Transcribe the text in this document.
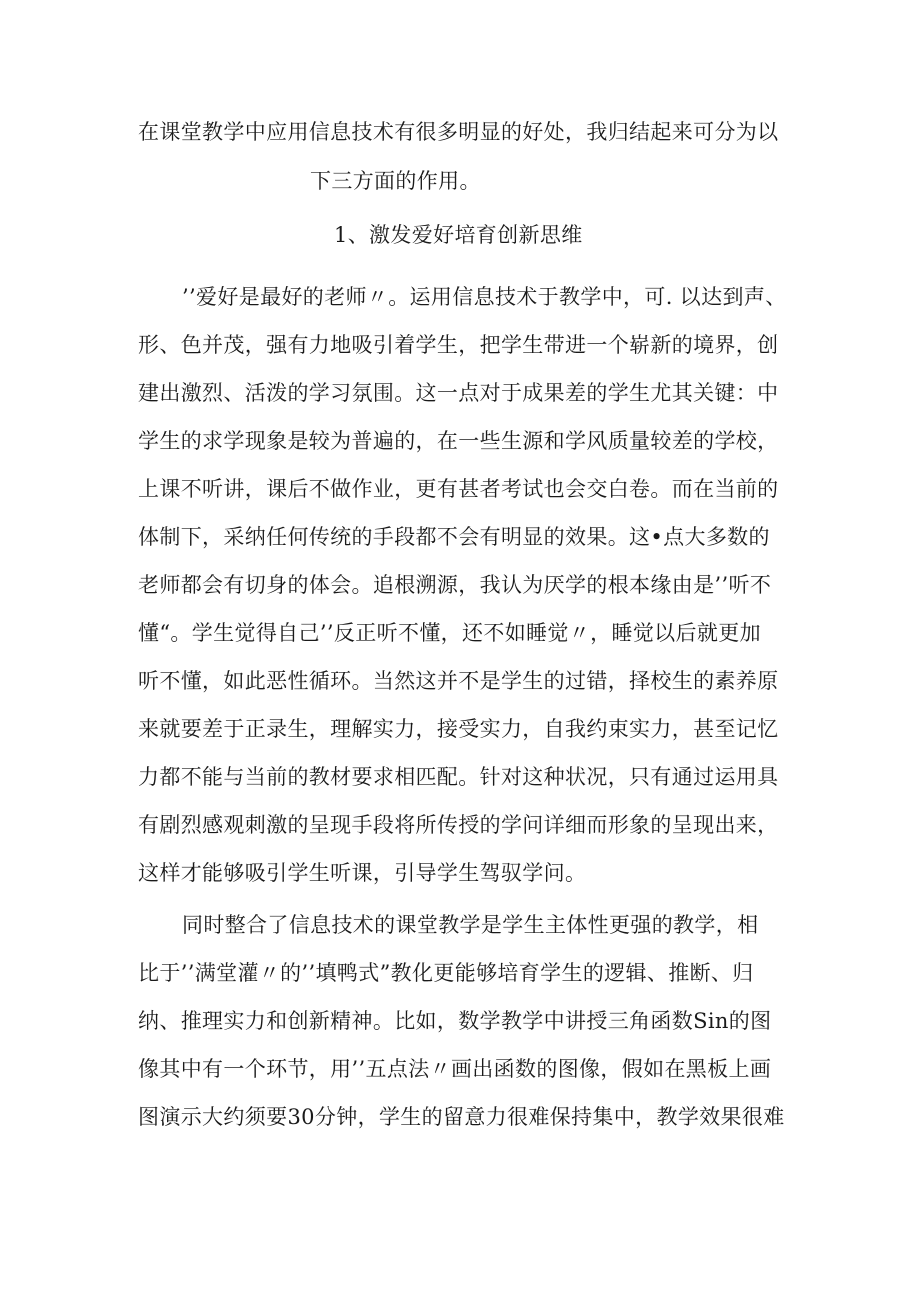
在课堂教学中应用信息技术有很多明显的好处，我归结起来可分为以
下三方面的作用。
1、激发爱好培育创新思维
’’爱好是最好的老师〃。运用信息技术于教学中，可. 以达到声、
形、色并茂，强有力地吸引着学生，把学生带进一个崭新的境界，创
建出激烈、活泼的学习氛围。这一点对于成果差的学生尤其关键：中
学生的求学现象是较为普遍的，在一些生源和学风质量较差的学校，
上课不听讲，课后不做作业，更有甚者考试也会交白卷。而在当前的
体制下，采纳任何传统的手段都不会有明显的效果。这•点大多数的
老师都会有切身的体会。追根溯源，我认为厌学的根本缘由是’’听不
懂“。学生觉得自己’’反正听不懂，还不如睡觉〃，睡觉以后就更加
听不懂，如此恶性循环。当然这并不是学生的过错，择校生的素养原
来就要差于正录生，理解实力，接受实力，自我约束实力，甚至记忆
力都不能与当前的教材要求相匹配。针对这种状况，只有通过运用具
有剧烈感观刺激的呈现手段将所传授的学问详细而形象的呈现出来，
这样才能够吸引学生听课，引导学生驾驭学问。
同时整合了信息技术的课堂教学是学生主体性更强的教学，相
比于’’满堂灌〃的’’填鸭式”教化更能够培育学生的逻辑、推断、归
纳、推理实力和创新精神。比如，数学教学中讲授三角函数Sin的图
像其中有一个环节，用’’五点法〃画出函数的图像，假如在黑板上画
图演示大约须要30分钟，学生的留意力很难保持集中，教学效果很难
